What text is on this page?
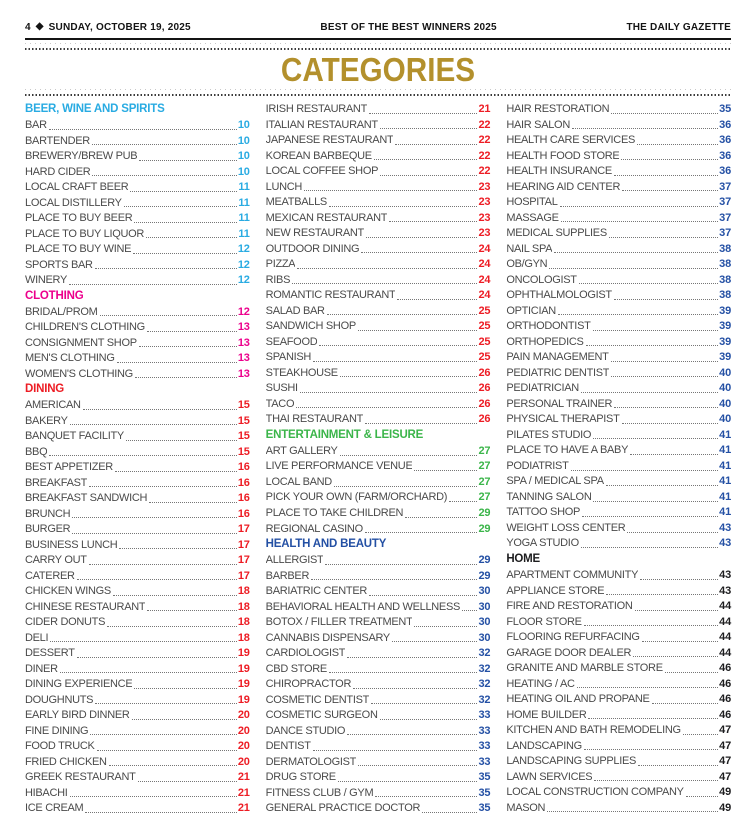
4 ◆ SUNDAY, OCTOBER 19, 2025	BEST OF THE BEST WINNERS 2025	THE DAILY GAZETTE
CATEGORIES
BEER, WINE AND SPIRITS
BAR	10
BARTENDER	10
BREWERY/BREW PUB	10
HARD CIDER	10
LOCAL CRAFT BEER	11
LOCAL DISTILLERY	11
PLACE TO BUY BEER	11
PLACE TO BUY LIQUOR	11
PLACE TO BUY WINE	12
SPORTS BAR	12
WINERY	12
CLOTHING
BRIDAL/PROM	12
CHILDREN'S CLOTHING	13
CONSIGNMENT SHOP	13
MEN'S CLOTHING	13
WOMEN'S CLOTHING	13
DINING
AMERICAN	15
BAKERY	15
BANQUET FACILITY	15
BBQ	15
BEST APPETIZER	16
BREAKFAST	16
BREAKFAST SANDWICH	16
BRUNCH	16
BURGER	17
BUSINESS LUNCH	17
CARRY OUT	17
CATERER	17
CHICKEN WINGS	18
CHINESE RESTAURANT	18
CIDER DONUTS	18
DELI	18
DESSERT	19
DINER	19
DINING EXPERIENCE	19
DOUGHNUTS	19
EARLY BIRD DINNER	20
FINE DINING	20
FOOD TRUCK	20
FRIED CHICKEN	20
GREEK RESTAURANT	21
HIBACHI	21
ICE CREAM	21
IRISH RESTAURANT	21
ITALIAN RESTAURANT	22
JAPANESE RESTAURANT	22
KOREAN BARBEQUE	22
LOCAL COFFEE SHOP	22
LUNCH	23
MEATBALLS	23
MEXICAN RESTAURANT	23
NEW RESTAURANT	23
OUTDOOR DINING	24
PIZZA	24
RIBS	24
ROMANTIC RESTAURANT	24
SALAD BAR	25
SANDWICH SHOP	25
SEAFOOD	25
SPANISH	25
STEAKHOUSE	26
SUSHI	26
TACO	26
THAI RESTAURANT	26
ENTERTAINMENT & LEISURE
ART GALLERY	27
LIVE PERFORMANCE VENUE	27
LOCAL BAND	27
PICK YOUR OWN (FARM/ORCHARD)	27
PLACE TO TAKE CHILDREN	29
REGIONAL CASINO	29
HEALTH AND BEAUTY
ALLERGIST	29
BARBER	29
BARIATRIC CENTER	30
BEHAVIORAL HEALTH AND WELLNESS 30
BOTOX / FILLER TREATMENT	30
CANNABIS DISPENSARY	30
CARDIOLOGIST	32
CBD STORE	32
CHIROPRACTOR	32
COSMETIC DENTIST	32
COSMETIC SURGEON	33
DANCE STUDIO	33
DENTIST	33
DERMATOLOGIST	33
DRUG STORE	35
FITNESS CLUB / GYM	35
GENERAL PRACTICE DOCTOR	35
HAIR RESTORATION	35
HAIR SALON	36
HEALTH CARE SERVICES	36
HEALTH FOOD STORE	36
HEALTH INSURANCE	36
HEARING AID CENTER	37
HOSPITAL	37
MASSAGE	37
MEDICAL SUPPLIES	37
NAIL SPA	38
OB/GYN	38
ONCOLOGIST	38
OPHTHALMOLOGIST	38
OPTICIAN	39
ORTHODONTIST	39
ORTHOPEDICS	39
PAIN MANAGEMENT	39
PEDIATRIC DENTIST	40
PEDIATRICIAN	40
PERSONAL TRAINER	40
PHYSICAL THERAPIST	40
PILATES STUDIO	41
PLACE TO HAVE A BABY	41
PODIATRIST	41
SPA / MEDICAL SPA	41
TANNING SALON	41
TATTOO SHOP	41
WEIGHT LOSS CENTER	43
YOGA STUDIO	43
HOME
APARTMENT COMMUNITY	43
APPLIANCE STORE	43
FIRE AND RESTORATION	44
FLOOR STORE	44
FLOORING REFURFACING	44
GARAGE DOOR DEALER	44
GRANITE AND MARBLE STORE	46
HEATING / AC	46
HEATING OIL AND PROPANE	46
HOME BUILDER	46
KITCHEN AND BATH REMODELING	47
LANDSCAPING	47
LANDSCAPING SUPPLIES	47
LAWN SERVICES	47
LOCAL CONSTRUCTION COMPANY	49
MASON	49
